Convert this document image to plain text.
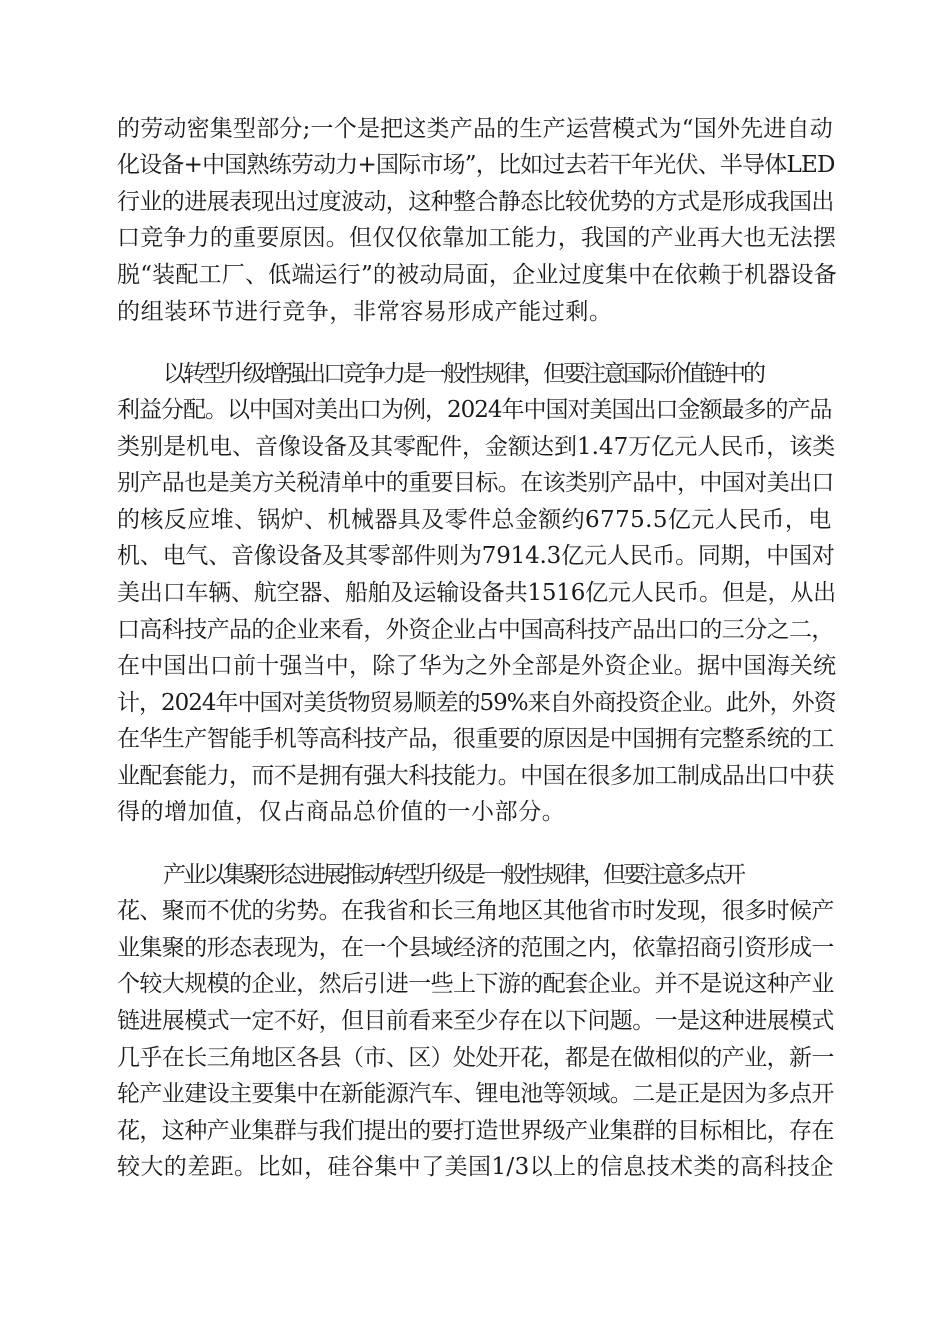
的劳动密集型部分;一个是把这类产品的生产运营模式为“国外先进自动
化设备+中国熟练劳动力+国际市场”，比如过去若干年光伏、半导体LED
行业的进展表现出过度波动，这种整合静态比较优势的方式是形成我国出
口竞争力的重要原因。但仅仅依靠加工能力，我国的产业再大也无法摆
脱“装配工厂、低端运行”的被动局面，企业过度集中在依赖于机器设备
的组装环节进行竞争，非常容易形成产能过剩。
以转型升级增强出口竞争力是一般性规律，但要注意国际价值链中的
利益分配。以中国对美出口为例，2024年中国对美国出口金额最多的产品
类别是机电、音像设备及其零配件，金额达到1.47万亿元人民币，该类
别产品也是美方关税清单中的重要目标。在该类别产品中，中国对美出口
的核反应堆、锅炉、机械器具及零件总金额约6775.5亿元人民币，电
机、电气、音像设备及其零部件则为7914.3亿元人民币。同期，中国对
美出口车辆、航空器、船舶及运输设备共1516亿元人民币。但是，从出
口高科技产品的企业来看，外资企业占中国高科技产品出口的三分之二，
在中国出口前十强当中，除了华为之外全部是外资企业。据中国海关统
计，2024年中国对美货物贸易顺差的59%来自外商投资企业。此外，外资
在华生产智能手机等高科技产品，很重要的原因是中国拥有完整系统的工
业配套能力，而不是拥有强大科技能力。中国在很多加工制成品出口中获
得的增加值，仅占商品总价值的一小部分。
产业以集聚形态进展推动转型升级是一般性规律，但要注意多点开
花、聚而不优的劣势。在我省和长三角地区其他省市时发现，很多时候产
业集聚的形态表现为，在一个县域经济的范围之内，依靠招商引资形成一
个较大规模的企业，然后引进一些上下游的配套企业。并不是说这种产业
链进展模式一定不好，但目前看来至少存在以下问题。一是这种进展模式
几乎在长三角地区各县（市、区）处处开花，都是在做相似的产业，新一
轮产业建设主要集中在新能源汽车、锂电池等领域。二是正是因为多点开
花，这种产业集群与我们提出的要打造世界级产业集群的目标相比，存在
较大的差距。比如，硅谷集中了美国1/3以上的信息技术类的高科技企
